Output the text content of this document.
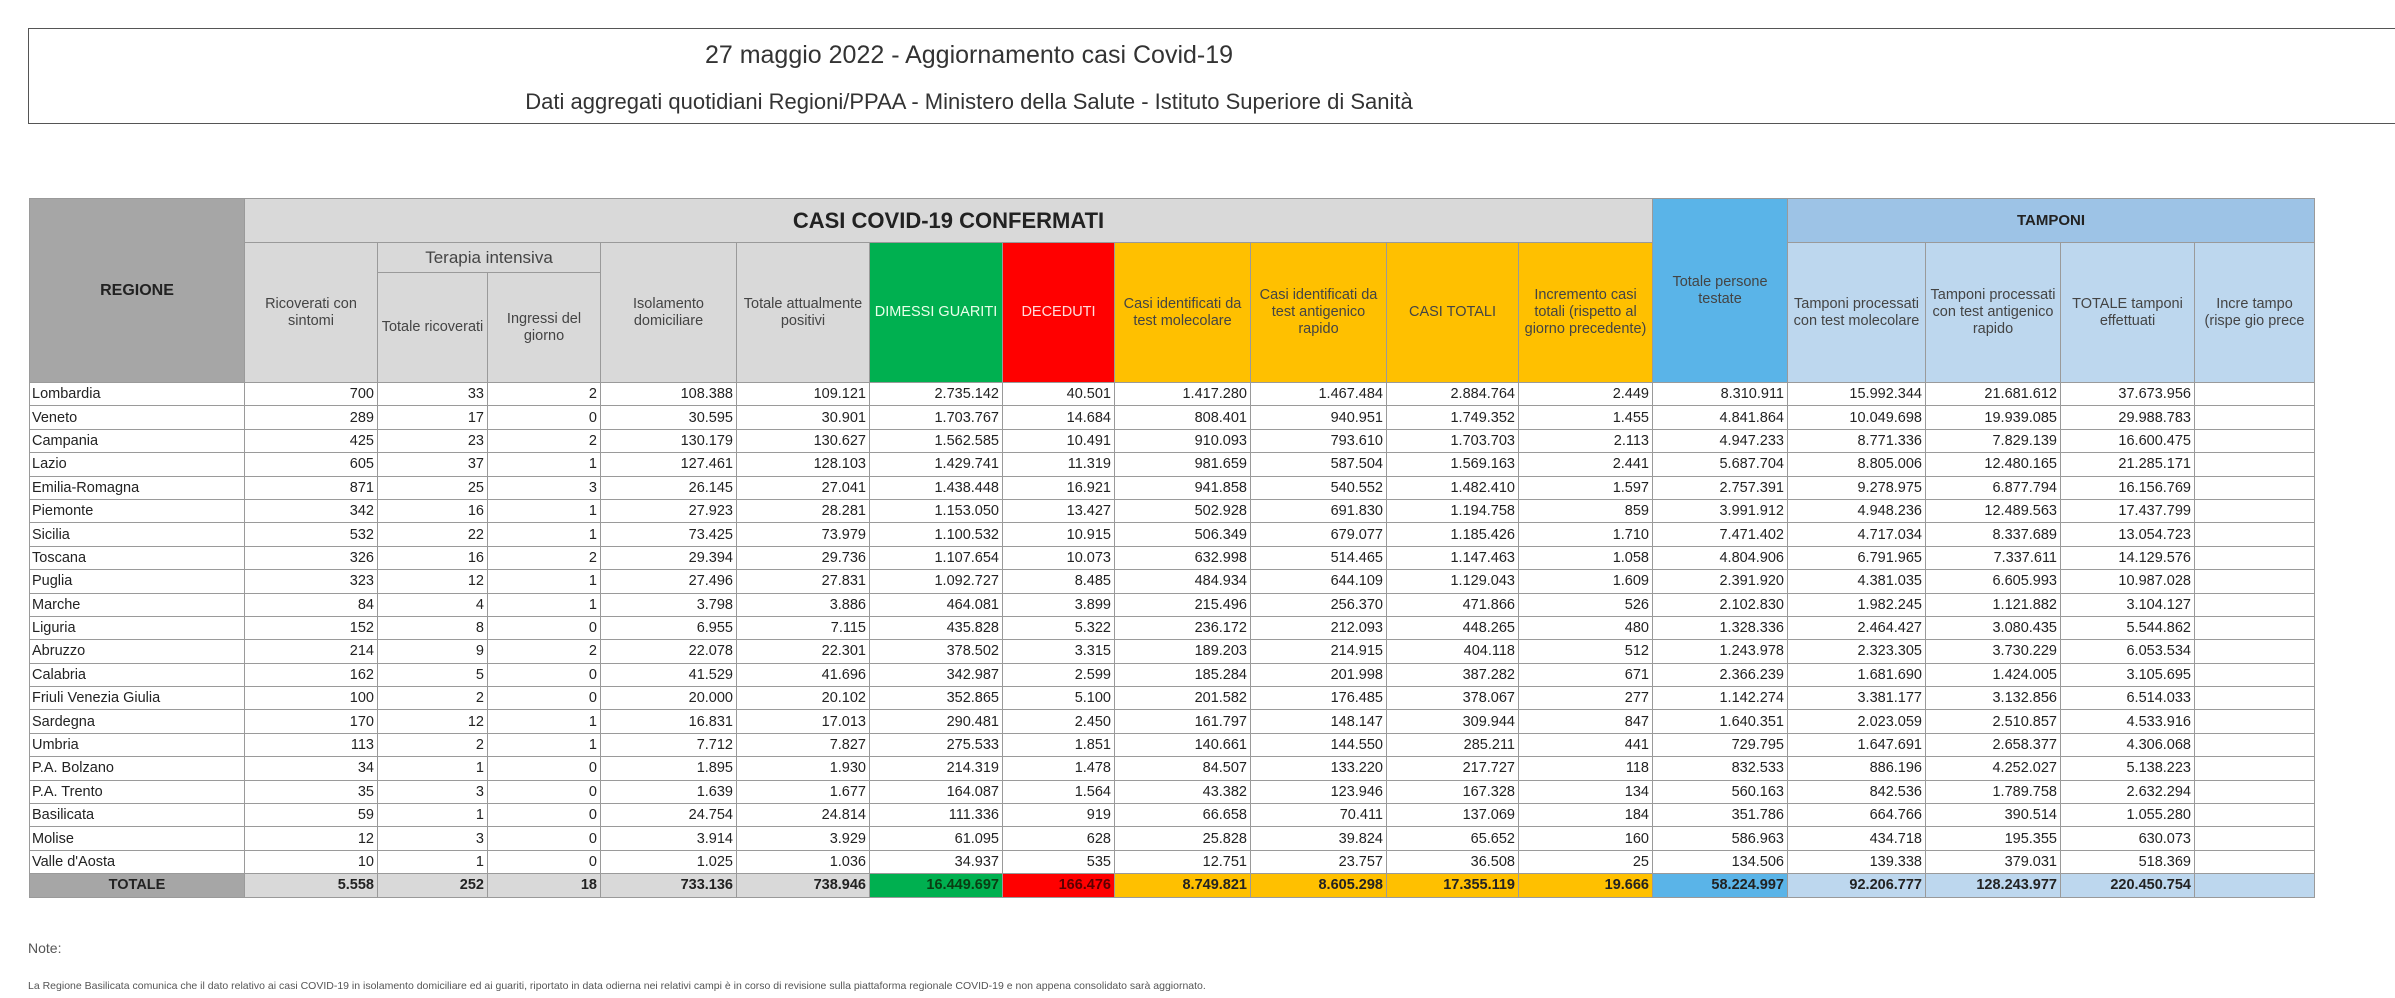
27 maggio 2022 - Aggiornamento casi Covid-19
Dati aggregati quotidiani Regioni/PPAA - Ministero della Salute - Istituto Superiore di Sanità
REGIONE	CASI COVID-19 CONFERMATI											Totale persone testate	TAMPONI			
	Ricoverati con sintomi	Terapia intensiva		Isolamento domiciliare	Totale attualmente positivi	DIMESSI GUARITI	DECEDUTI	Casi identificati da test molecolare	Casi identificati da test antigenico rapido	CASI TOTALI	Incremento casi totali (rispetto al giorno precedente)		Tamponi processati con test molecolare	Tamponi processati con test antigenico rapido	TOTALE tamponi effettuati	Incre tampo (rispe gio prece
		Totale ricoverati	Ingressi del giorno													
Lombardia	700	33	2	108.388	109.121	2.735.142	40.501	1.417.280	1.467.484	2.884.764	2.449	8.310.911	15.992.344	21.681.612	37.673.956	
Veneto	289	17	0	30.595	30.901	1.703.767	14.684	808.401	940.951	1.749.352	1.455	4.841.864	10.049.698	19.939.085	29.988.783	
Campania	425	23	2	130.179	130.627	1.562.585	10.491	910.093	793.610	1.703.703	2.113	4.947.233	8.771.336	7.829.139	16.600.475	
Lazio	605	37	1	127.461	128.103	1.429.741	11.319	981.659	587.504	1.569.163	2.441	5.687.704	8.805.006	12.480.165	21.285.171	
Emilia-Romagna	871	25	3	26.145	27.041	1.438.448	16.921	941.858	540.552	1.482.410	1.597	2.757.391	9.278.975	6.877.794	16.156.769	
Piemonte	342	16	1	27.923	28.281	1.153.050	13.427	502.928	691.830	1.194.758	859	3.991.912	4.948.236	12.489.563	17.437.799	
Sicilia	532	22	1	73.425	73.979	1.100.532	10.915	506.349	679.077	1.185.426	1.710	7.471.402	4.717.034	8.337.689	13.054.723	
Toscana	326	16	2	29.394	29.736	1.107.654	10.073	632.998	514.465	1.147.463	1.058	4.804.906	6.791.965	7.337.611	14.129.576	
Puglia	323	12	1	27.496	27.831	1.092.727	8.485	484.934	644.109	1.129.043	1.609	2.391.920	4.381.035	6.605.993	10.987.028	
Marche	84	4	1	3.798	3.886	464.081	3.899	215.496	256.370	471.866	526	2.102.830	1.982.245	1.121.882	3.104.127	
Liguria	152	8	0	6.955	7.115	435.828	5.322	236.172	212.093	448.265	480	1.328.336	2.464.427	3.080.435	5.544.862	
Abruzzo	214	9	2	22.078	22.301	378.502	3.315	189.203	214.915	404.118	512	1.243.978	2.323.305	3.730.229	6.053.534	
Calabria	162	5	0	41.529	41.696	342.987	2.599	185.284	201.998	387.282	671	2.366.239	1.681.690	1.424.005	3.105.695	
Friuli Venezia Giulia	100	2	0	20.000	20.102	352.865	5.100	201.582	176.485	378.067	277	1.142.274	3.381.177	3.132.856	6.514.033	
Sardegna	170	12	1	16.831	17.013	290.481	2.450	161.797	148.147	309.944	847	1.640.351	2.023.059	2.510.857	4.533.916	
Umbria	113	2	1	7.712	7.827	275.533	1.851	140.661	144.550	285.211	441	729.795	1.647.691	2.658.377	4.306.068	
P.A. Bolzano	34	1	0	1.895	1.930	214.319	1.478	84.507	133.220	217.727	118	832.533	886.196	4.252.027	5.138.223	
P.A. Trento	35	3	0	1.639	1.677	164.087	1.564	43.382	123.946	167.328	134	560.163	842.536	1.789.758	2.632.294	
Basilicata	59	1	0	24.754	24.814	111.336	919	66.658	70.411	137.069	184	351.786	664.766	390.514	1.055.280	
Molise	12	3	0	3.914	3.929	61.095	628	25.828	39.824	65.652	160	586.963	434.718	195.355	630.073	
Valle d'Aosta	10	1	0	1.025	1.036	34.937	535	12.751	23.757	36.508	25	134.506	139.338	379.031	518.369	
TOTALE	5.558	252	18	733.136	738.946	16.449.697	166.476	8.749.821	8.605.298	17.355.119	19.666	58.224.997	92.206.777	128.243.977	220.450.754	
Note:
La Regione Basilicata comunica che il dato relativo ai casi COVID-19 in isolamento domiciliare ed ai guariti, riportato in data odierna nei relativi campi è in corso di revisione sulla piattaforma regionale COVID-19 e non appena consolidato sarà aggiornato.
